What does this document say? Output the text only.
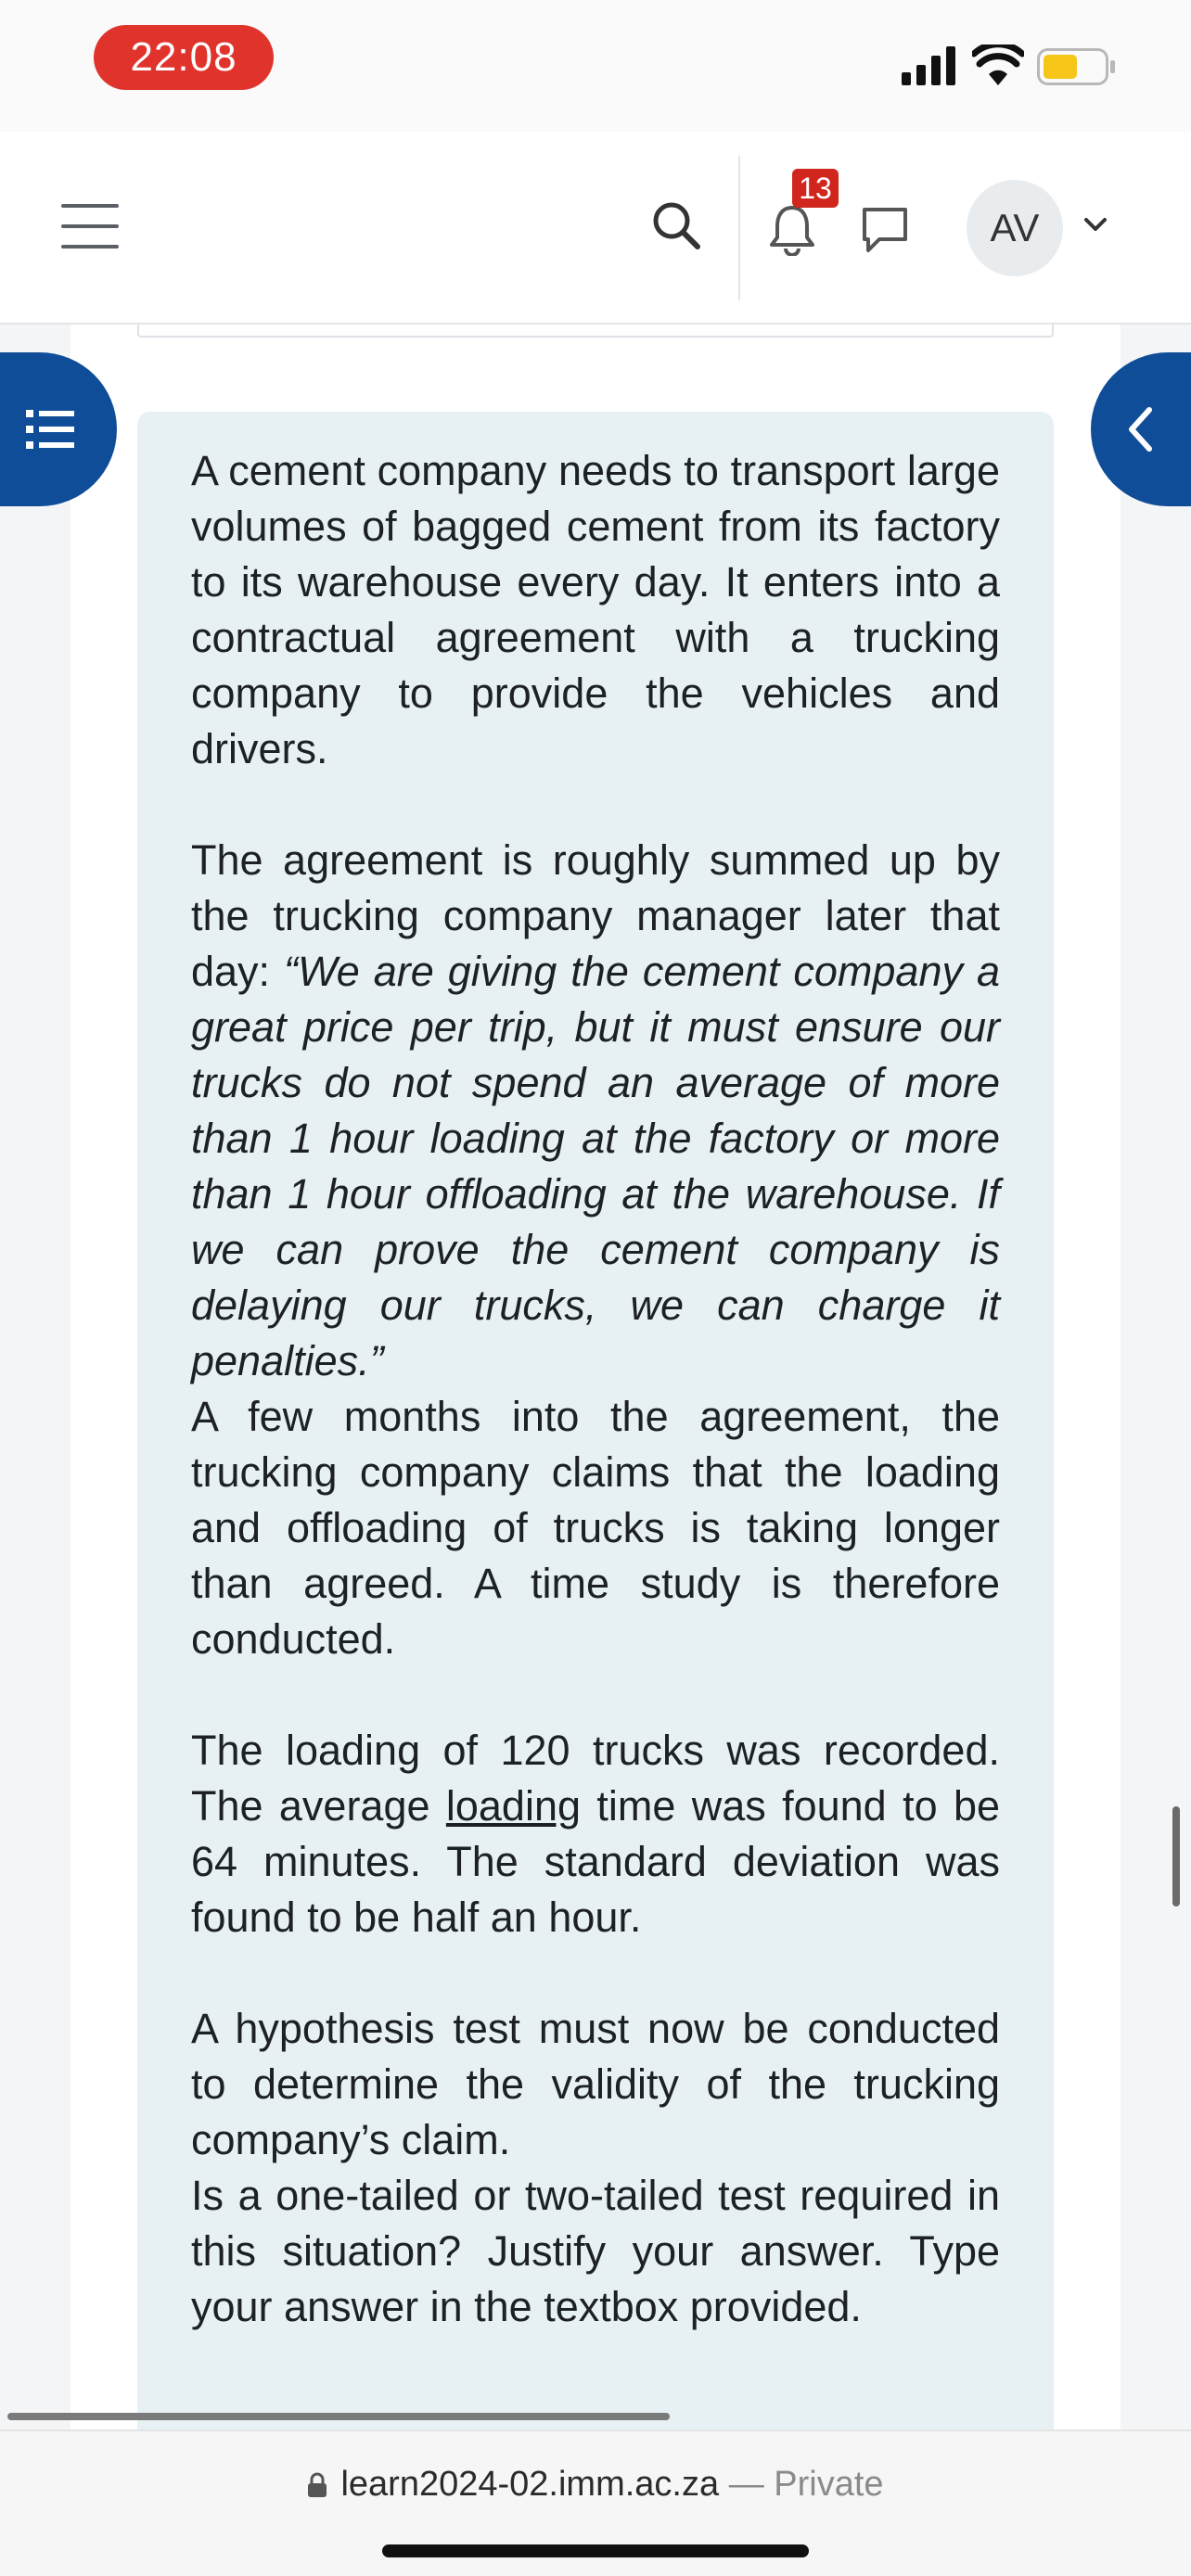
22:08
13
AV

A cement company needs to transport large volumes of bagged cement from its factory to its warehouse every day. It enters into a contractual agreement with a trucking company to provide the vehicles and drivers.

The agreement is roughly summed up by the trucking company manager later that day: “We are giving the cement company a great price per trip, but it must ensure our trucks do not spend an average of more than 1 hour loading at the factory or more than 1 hour offloading at the warehouse. If we can prove the cement company is delaying our trucks, we can charge it penalties.”

A few months into the agreement, the trucking company claims that the loading and offloading of trucks is taking longer than agreed. A time study is therefore conducted.

The loading of 120 trucks was recorded. The average loading time was found to be 64 minutes. The standard deviation was found to be half an hour.

A hypothesis test must now be conducted to determine the validity of the trucking company’s claim.

Is a one-tailed or two-tailed test required in this situation? Justify your answer. Type your answer in the textbox provided.

learn2024-02.imm.ac.za
—
Private
